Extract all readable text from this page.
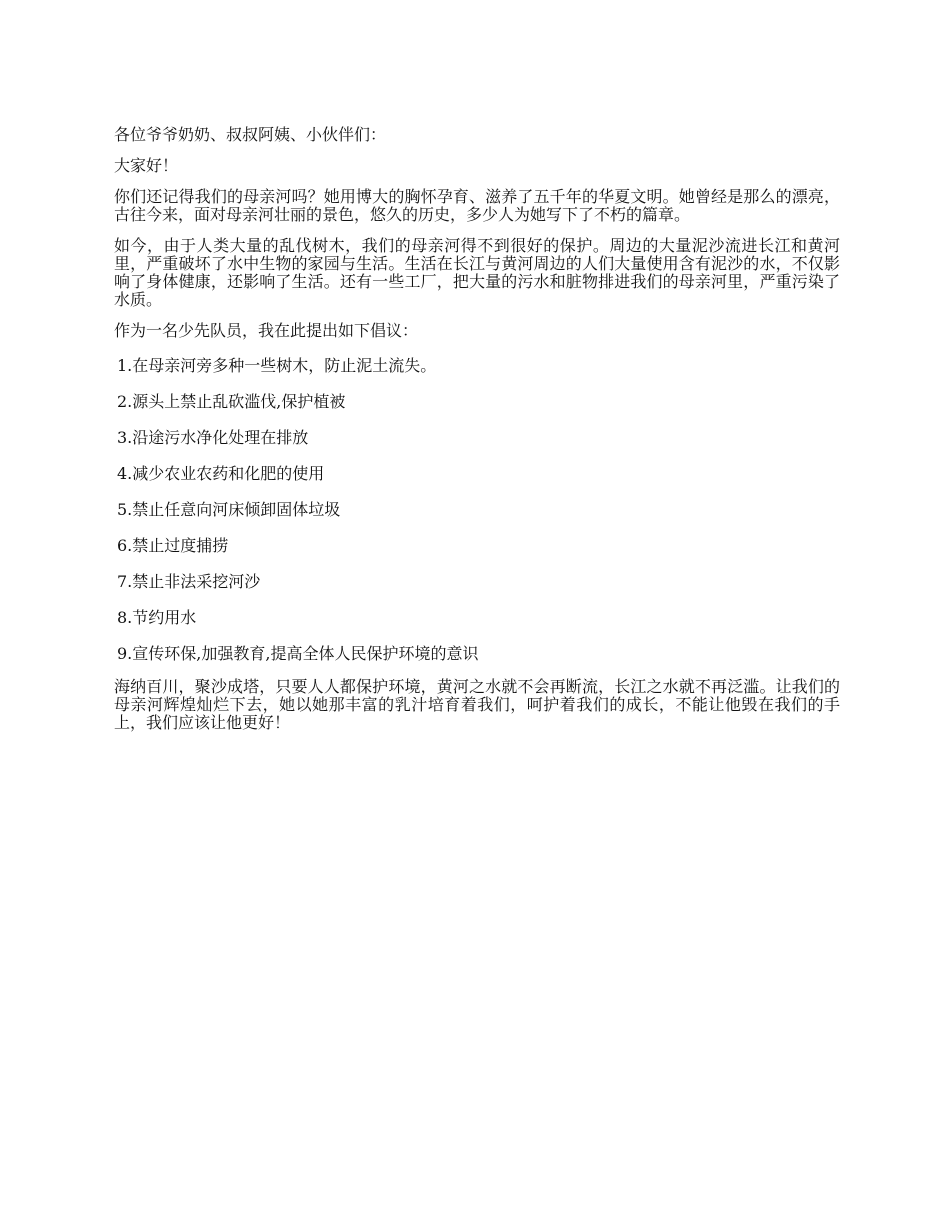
各位爷爷奶奶、叔叔阿姨、小伙伴们：

大家好！

你们还记得我们的母亲河吗？她用博大的胸怀孕育、滋养了五千年的华夏文明。她曾经是那么的漂亮，古往今来，面对母亲河壮丽的景色，悠久的历史，多少人为她写下了不朽的篇章。

如今，由于人类大量的乱伐树木，我们的母亲河得不到很好的保护。周边的大量泥沙流进长江和黄河里，严重破坏了水中生物的家园与生活。生活在长江与黄河周边的人们大量使用含有泥沙的水，不仅影响了身体健康，还影响了生活。还有一些工厂，把大量的污水和脏物排进我们的母亲河里，严重污染了水质。

作为一名少先队员，我在此提出如下倡议：

1.在母亲河旁多种一些树木，防止泥土流失。
2.源头上禁止乱砍滥伐,保护植被
3.沿途污水净化处理在排放
4.减少农业农药和化肥的使用
5.禁止任意向河床倾卸固体垃圾
6.禁止过度捕捞
7.禁止非法采挖河沙
8.节约用水
9.宣传环保,加强教育,提高全体人民保护环境的意识

海纳百川，聚沙成塔，只要人人都保护环境，黄河之水就不会再断流，长江之水就不再泛滥。让我们的母亲河辉煌灿烂下去，她以她那丰富的乳汁培育着我们，呵护着我们的成长，不能让他毁在我们的手上，我们应该让他更好！
